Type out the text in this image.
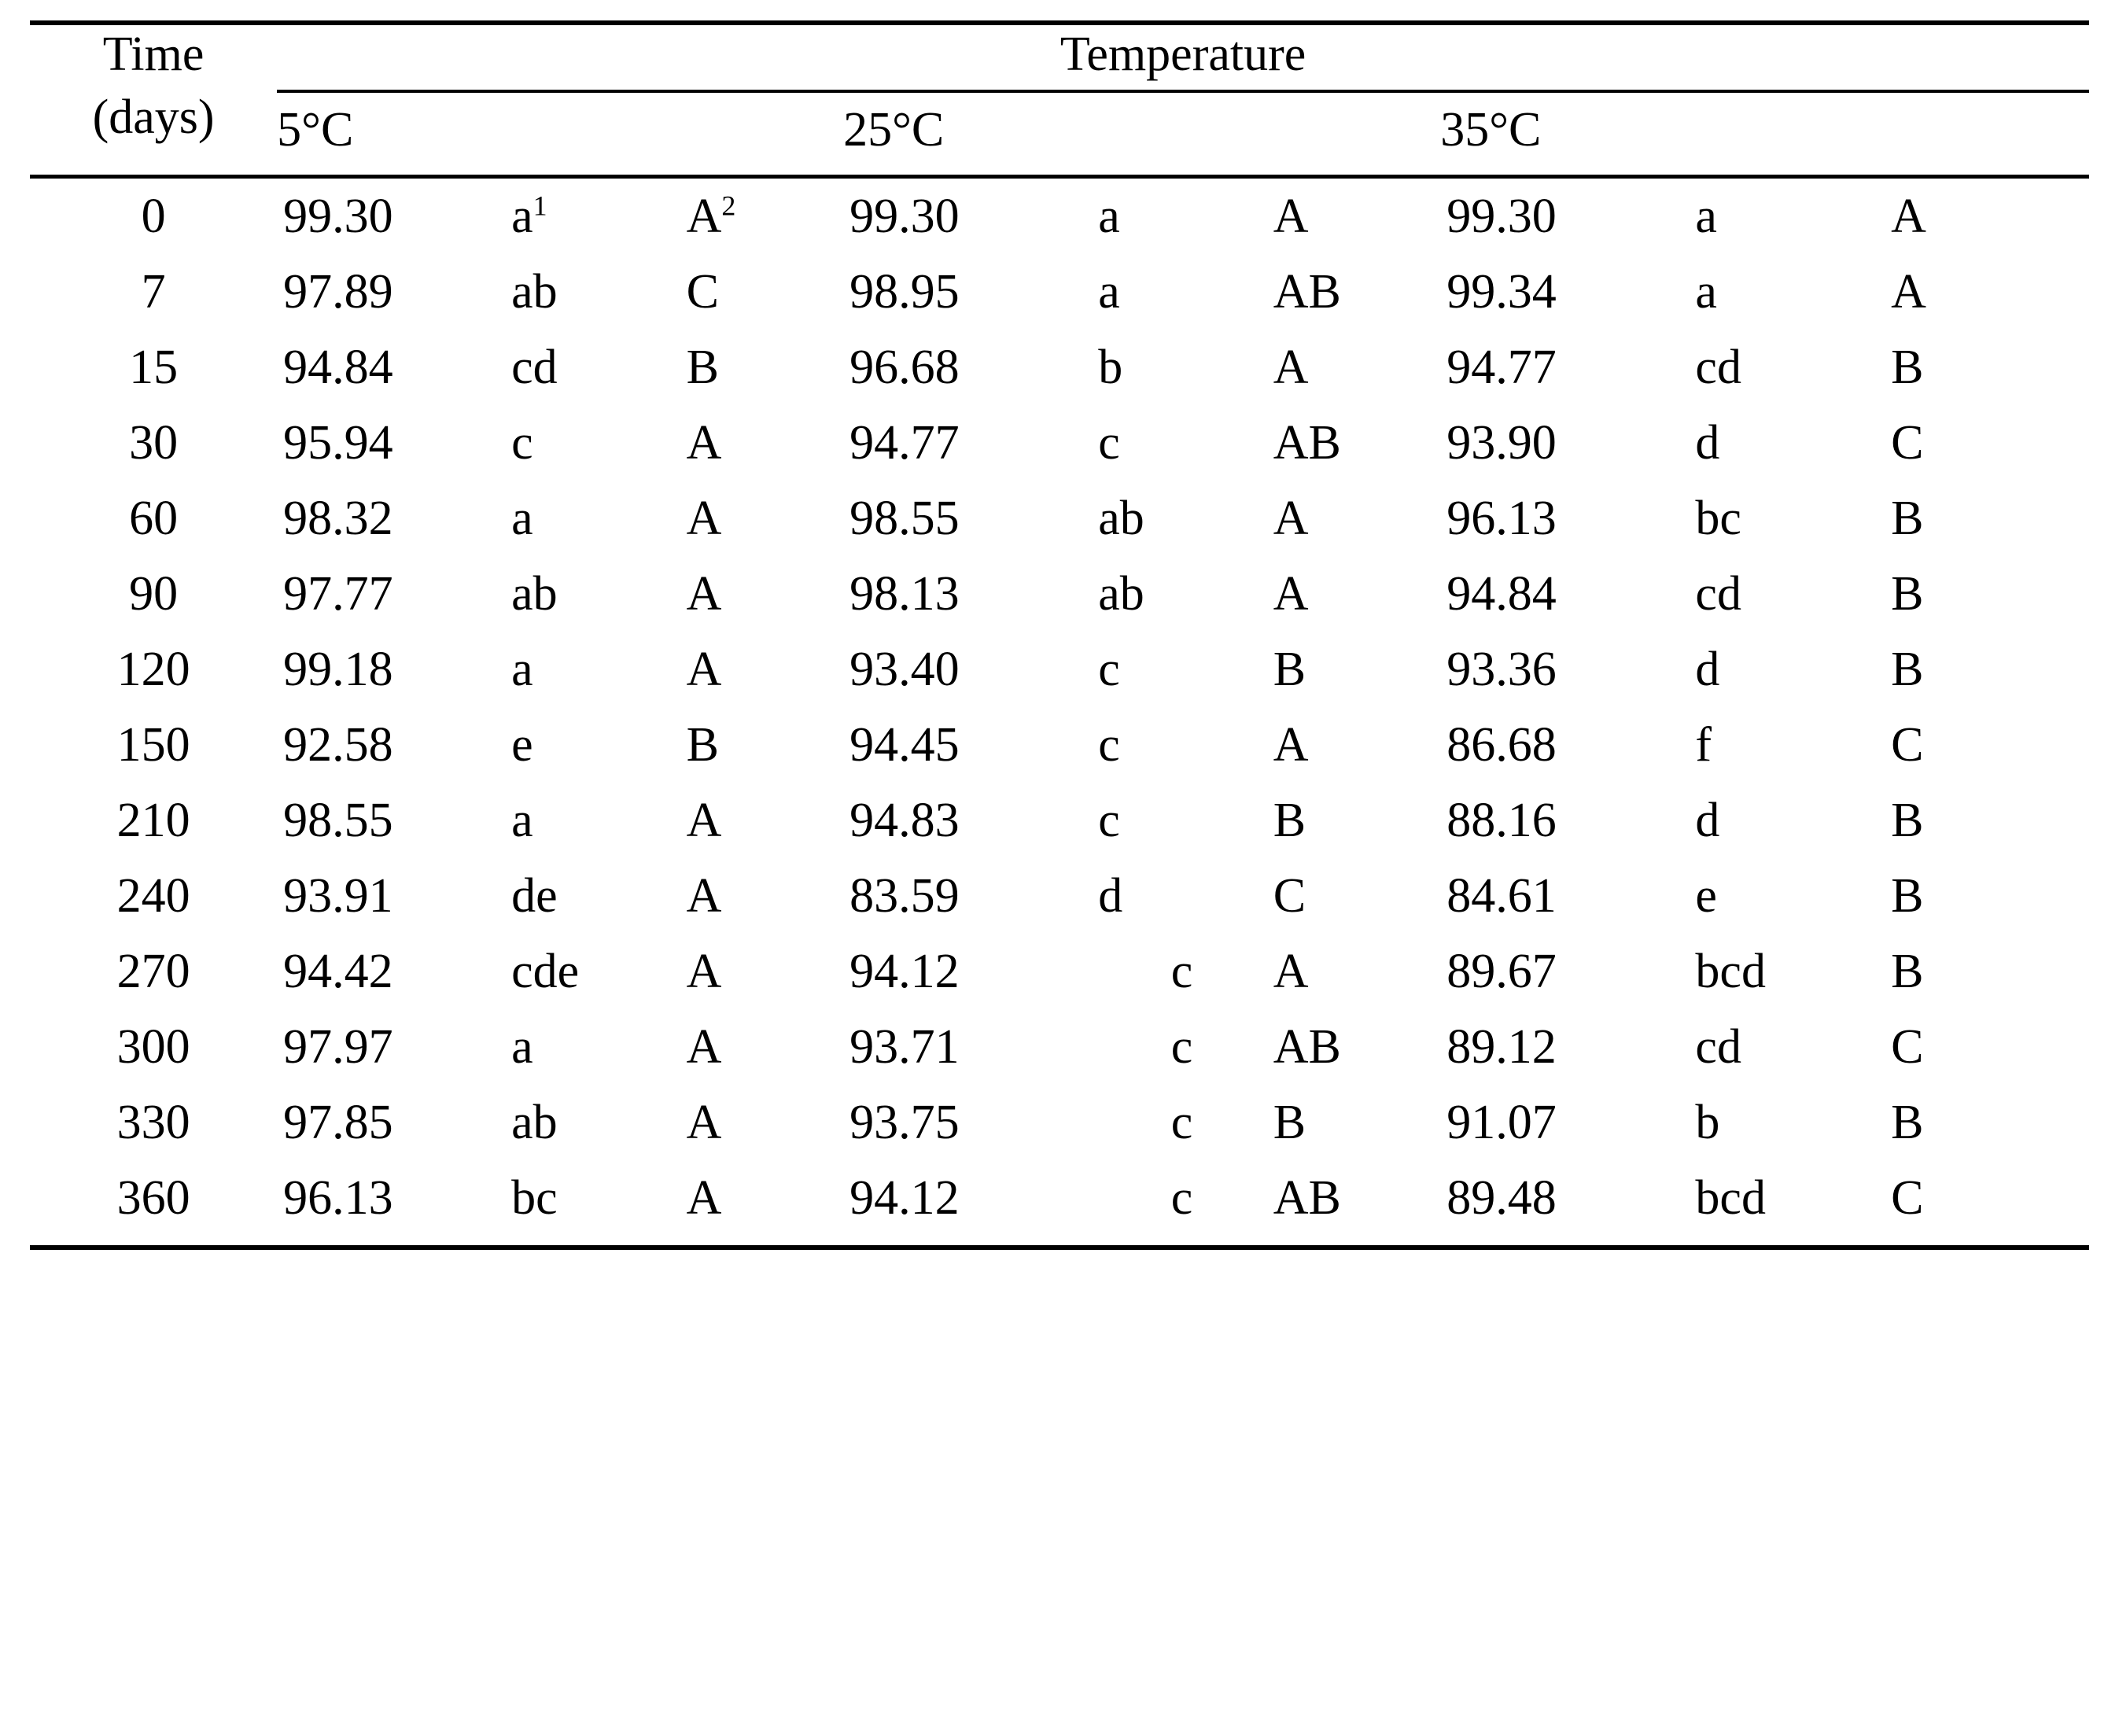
Time
(days)	Temperature								

	5°C			25°C			35°C		

0	99.30	$a^1$	$A^2$	99.30	a	A	99.30	a	A
7	97.89	ab	C	98.95	a	AB	99.34	a	A
15	94.84	cd	B	96.68	b	A	94.77	cd	B
30	95.94	c	A	94.77	c	AB	93.90	d	C
60	98.32	a	A	98.55	ab	A	96.13	bc	B
90	97.77	ab	A	98.13	ab	A	94.84	cd	B
120	99.18	a	A	93.40	c	B	93.36	d	B
150	92.58	e	B	94.45	c	A	86.68	f	C
210	98.55	a	A	94.83	c	B	88.16	d	B
240	93.91	de	A	83.59	d	C	84.61	e	B
270	94.42	cde	A	94.12	c	A	89.67	bcd	B
300	97.97	a	A	93.71	c	AB	89.12	cd	C
330	97.85	ab	A	93.75	c	B	91.07	b	B
360	96.13	bc	A	94.12	c	AB	89.48	bcd	C
